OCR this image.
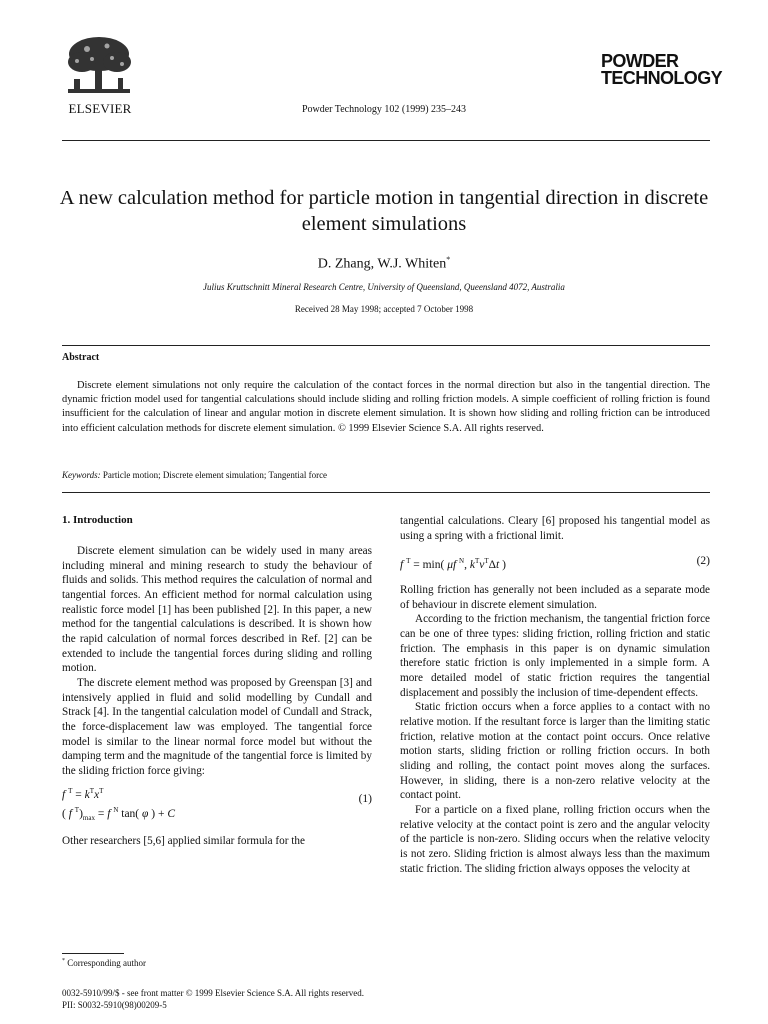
ELSEVIER	Powder Technology 102 (1999) 235–243
POWDER
TECHNOLOGY
A new calculation method for particle motion in tangential direction in discrete element simulations
D. Zhang, W.J. Whiten*
Julius Kruttschnitt Mineral Research Centre, University of Queensland, Queensland 4072, Australia
Received 28 May 1998; accepted 7 October 1998
Abstract

Discrete element simulations not only require the calculation of the contact forces in the normal direction but also in the tangential direction. The dynamic friction model used for tangential calculations should include sliding and rolling friction models. A simple coefficient of rolling friction is found insufficient for the calculation of linear and angular motion in discrete element simulation. It is shown how sliding and rolling friction can be introduced into efficient calculation methods for discrete element simulation. © 1999 Elsevier Science S.A. All rights reserved.

Keywords: Particle motion; Discrete element simulation; Tangential force
1. Introduction

Discrete element simulation can be widely used in many areas including mineral and mining research to study the behaviour of fluids and solids. This method requires the calculation of normal and tangential forces. An efficient method for normal calculation using realistic force model [1] has been published [2]. In this paper, a new method for the tangential calculations is described. It is shown how the rapid calculation of normal forces described in Ref. [2] can be extended to include the tangential forces during sliding and rolling motion.

The discrete element method was proposed by Greenspan [3] and intensively applied in fluid and solid modelling by Cundall and Strack [4]. In the tangential calculation model of Cundall and Strack, the force-displacement law was employed. The tangential force model is similar to the linear normal force model but without the damping term and the magnitude of the tangential force is limited by the sliding friction force giving:

f $^T = k^Tx^T$
( f $^T)_{max} = f$ $^N$ tan( φ ) + C
(1)

Other researchers [5,6] applied similar formula for the

tangential calculations. Cleary [6] proposed his tangential model as using a spring with a frictional limit.

f $^T$ = min( μf $^N$, $k^Tv^T\Delta t$ )	(2)

Rolling friction has generally not been included as a separate mode of behaviour in discrete element simulation.

According to the friction mechanism, the tangential friction force can be one of three types: sliding friction, rolling friction and static friction. The emphasis in this paper is on dynamic simulation therefore static friction is only implemented in a simple form. A more detailed model of static friction requires the tangential displacement and possibly the inclusion of time-dependent effects.

Static friction occurs when a force applies to a contact with no relative motion. If the resultant force is larger than the limiting static friction, relative motion at the contact point occurs. Once relative motion starts, sliding friction or rolling friction occurs. In both sliding and rolling, the contact point moves along the surfaces. However, in sliding, there is a non-zero relative velocity at the contact point.

For a particle on a fixed plane, rolling friction occurs when the relative velocity at the contact point is zero and the angular velocity of the particle is non-zero. Sliding occurs when the relative velocity is not zero. Sliding friction is almost always less than the maximum static friction. The sliding friction always opposes the velocity at

* Corresponding author
0032-5910/99/$ - see front matter © 1999 Elsevier Science S.A. All rights reserved.
PII: S0032-5910(98)00209-5
